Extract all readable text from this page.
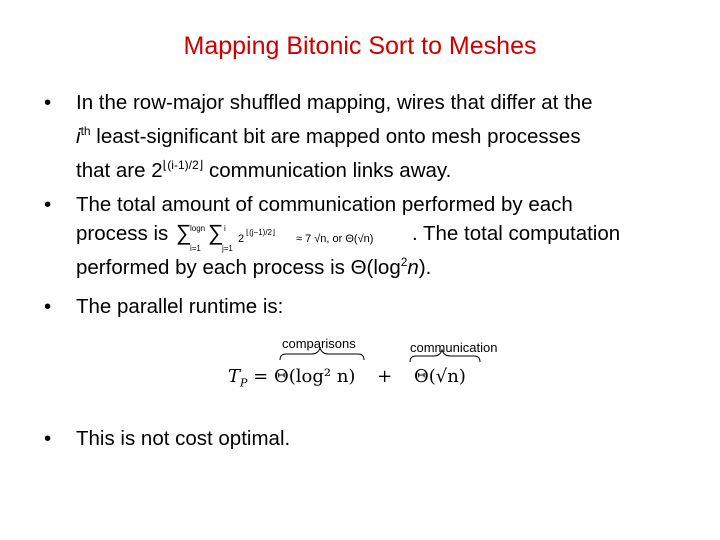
Mapping Bitonic Sort to Meshes
• In the row-major shuffled mapping, wires that differ at the
$i^{th}$ least-significant bit are mapped onto mesh processes
that are $2^{⌊(i-1)/2⌋}$ communication links away.
• The total amount of communication performed by each
process is ∑
logn
i=1
∑ i
j=1
2
⌊(j−1)/2⌋
≈ 7 √n, or Θ(√n) . The total computation
performed by each process is $\Theta(\log^2n)$.
• The parallel runtime is:
comparisons	communication
$T_P = \Theta(\log^2$ n) + Θ(√n)
• This is not cost optimal.
